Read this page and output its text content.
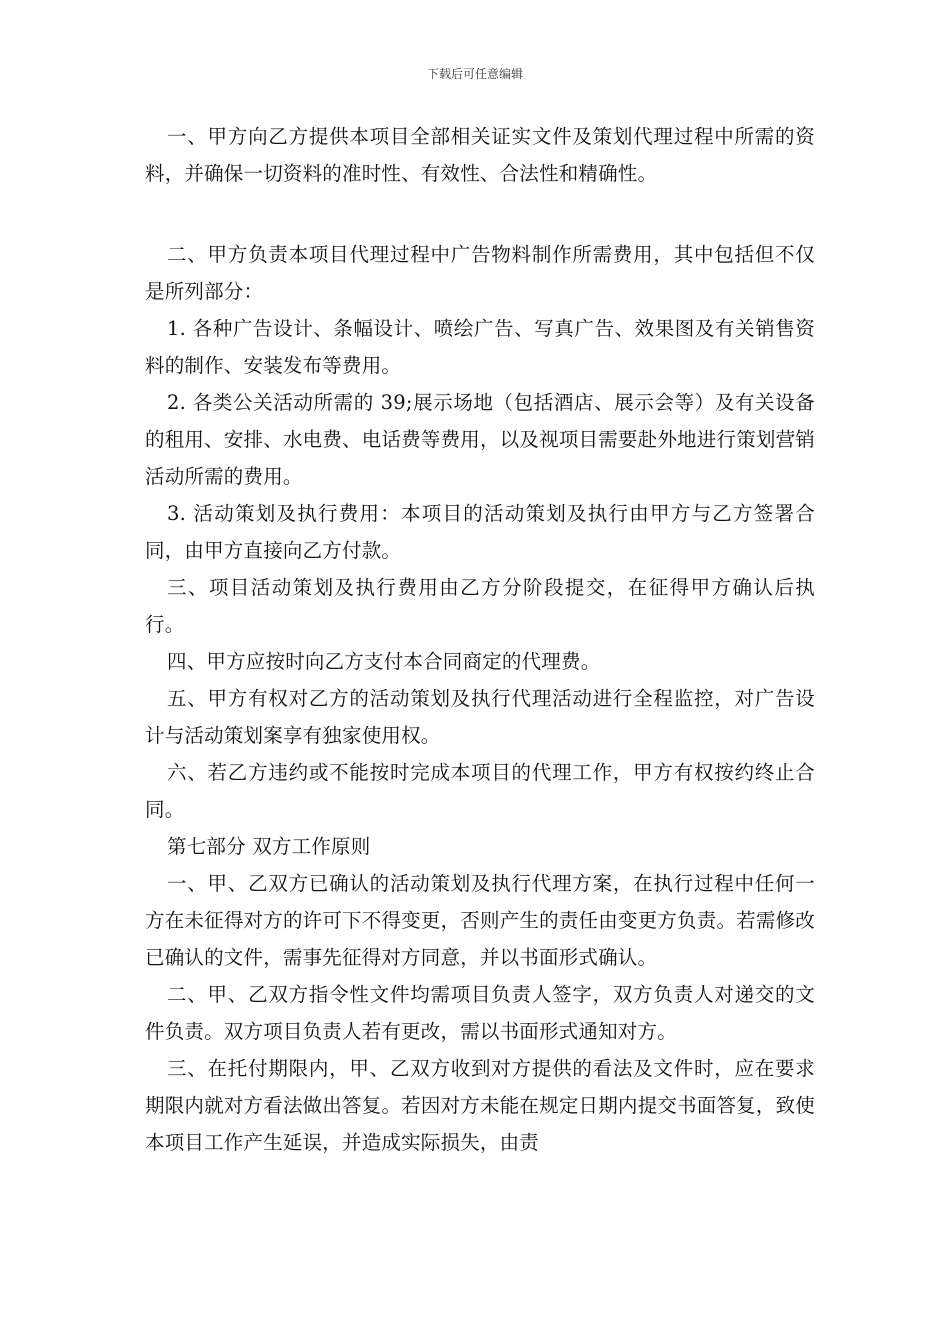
下载后可任意编辑

一、甲方向乙方提供本项目全部相关证实文件及策划代理过程中所需的资料，并确保一切资料的准时性、有效性、合法性和精确性。

二、甲方负责本项目代理过程中广告物料制作所需费用，其中包括但不仅是所列部分：

1. 各种广告设计、条幅设计、喷绘广告、写真广告、效果图及有关销售资料的制作、安装发布等费用。

2. 各类公关活动所需的 39;展示场地（包括酒店、展示会等）及有关设备的租用、安排、水电费、电话费等费用，以及视项目需要赴外地进行策划营销活动所需的费用。

3. 活动策划及执行费用：本项目的活动策划及执行由甲方与乙方签署合同，由甲方直接向乙方付款。

三、项目活动策划及执行费用由乙方分阶段提交，在征得甲方确认后执行。

四、甲方应按时向乙方支付本合同商定的代理费。

五、甲方有权对乙方的活动策划及执行代理活动进行全程监控，对广告设计与活动策划案享有独家使用权。

六、若乙方违约或不能按时完成本项目的代理工作，甲方有权按约终止合同。

第七部分 双方工作原则

一、甲、乙双方已确认的活动策划及执行代理方案，在执行过程中任何一方在未征得对方的许可下不得变更，否则产生的责任由变更方负责。若需修改已确认的文件，需事先征得对方同意，并以书面形式确认。

二、甲、乙双方指令性文件均需项目负责人签字，双方负责人对递交的文件负责。双方项目负责人若有更改，需以书面形式通知对方。

三、在托付期限内，甲、乙双方收到对方提供的看法及文件时，应在要求期限内就对方看法做出答复。若因对方未能在规定日期内提交书面答复，致使本项目工作产生延误，并造成实际损失，由责
